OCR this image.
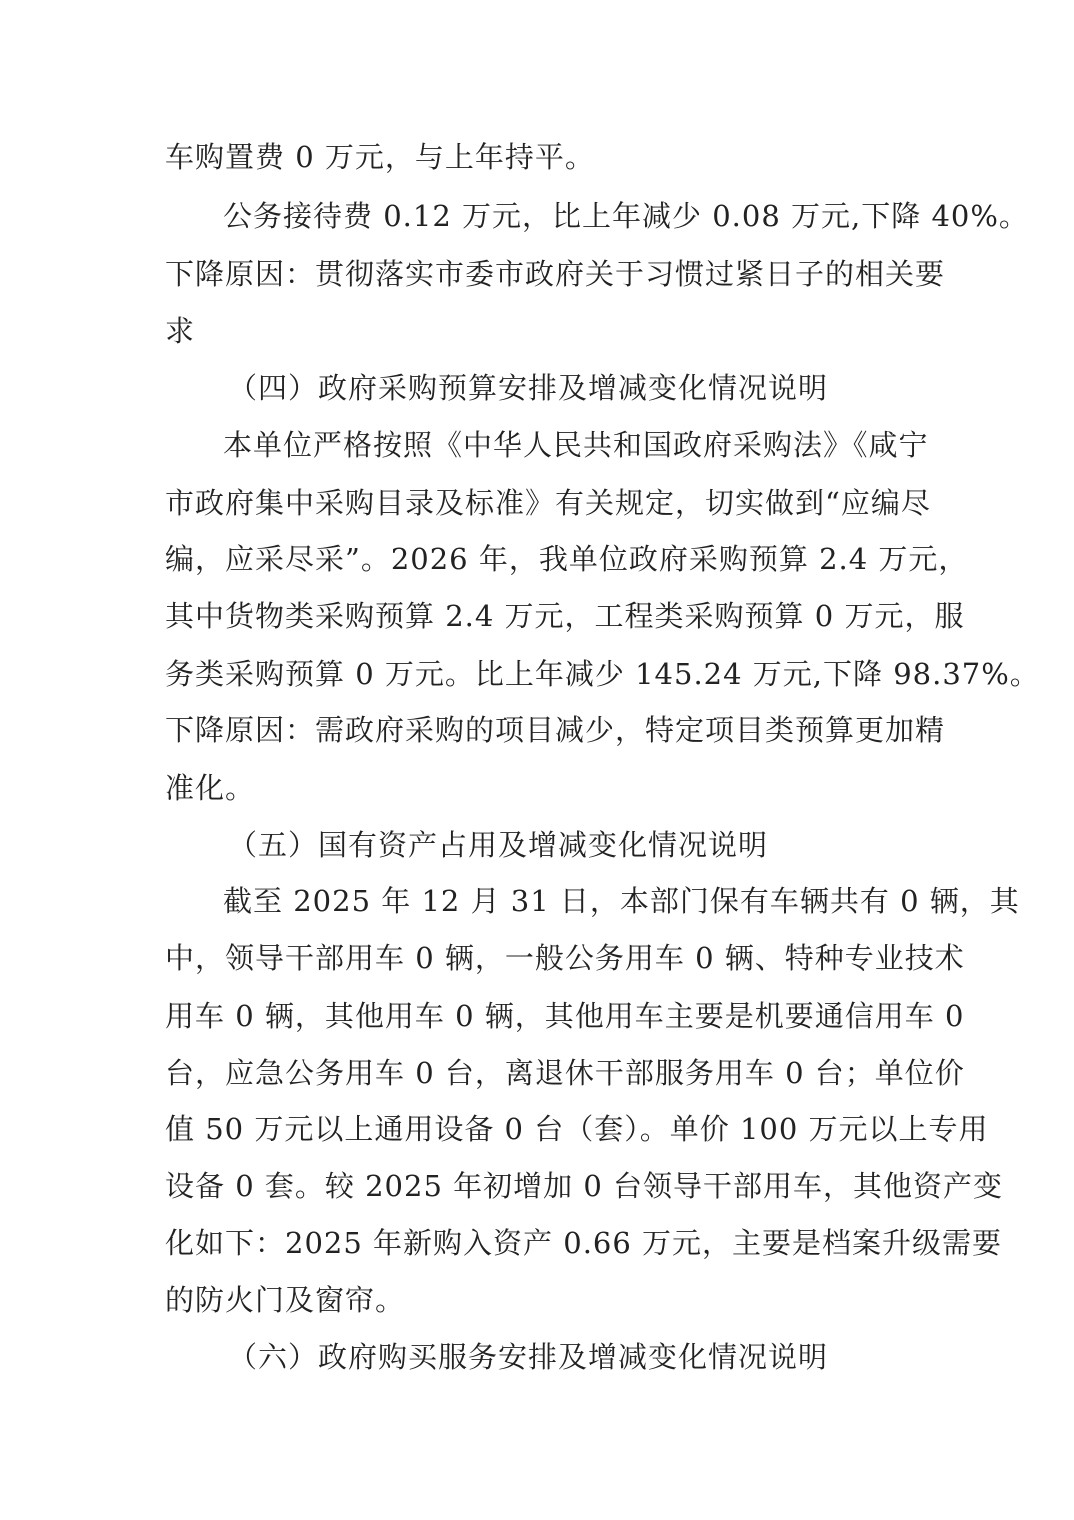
车购置费 0 万元，与上年持平。
公务接待费 0.12 万元，比上年减少 0.08 万元,下降 40%。
下降原因：贯彻落实市委市政府关于习惯过紧日子的相关要
求
（四）政府采购预算安排及增减变化情况说明
本单位严格按照《中华人民共和国政府采购法》《咸宁
市政府集中采购目录及标准》有关规定，切实做到“应编尽
编，应采尽采”。2026 年，我单位政府采购预算 2.4 万元，
其中货物类采购预算 2.4 万元，工程类采购预算 0 万元，服
务类采购预算 0 万元。比上年减少 145.24 万元,下降 98.37%。
下降原因：需政府采购的项目减少，特定项目类预算更加精
准化。
（五）国有资产占用及增减变化情况说明
截至 2025 年 12 月 31 日，本部门保有车辆共有 0 辆，其
中，领导干部用车 0 辆，一般公务用车 0 辆、特种专业技术
用车 0 辆，其他用车 0 辆，其他用车主要是机要通信用车 0
台，应急公务用车 0 台，离退休干部服务用车 0 台；单位价
值 50 万元以上通用设备 0 台（套）。单价 100 万元以上专用
设备 0 套。较 2025 年初增加 0 台领导干部用车，其他资产变
化如下：2025 年新购入资产 0.66 万元，主要是档案升级需要
的防火门及窗帘。
（六）政府购买服务安排及增减变化情况说明
